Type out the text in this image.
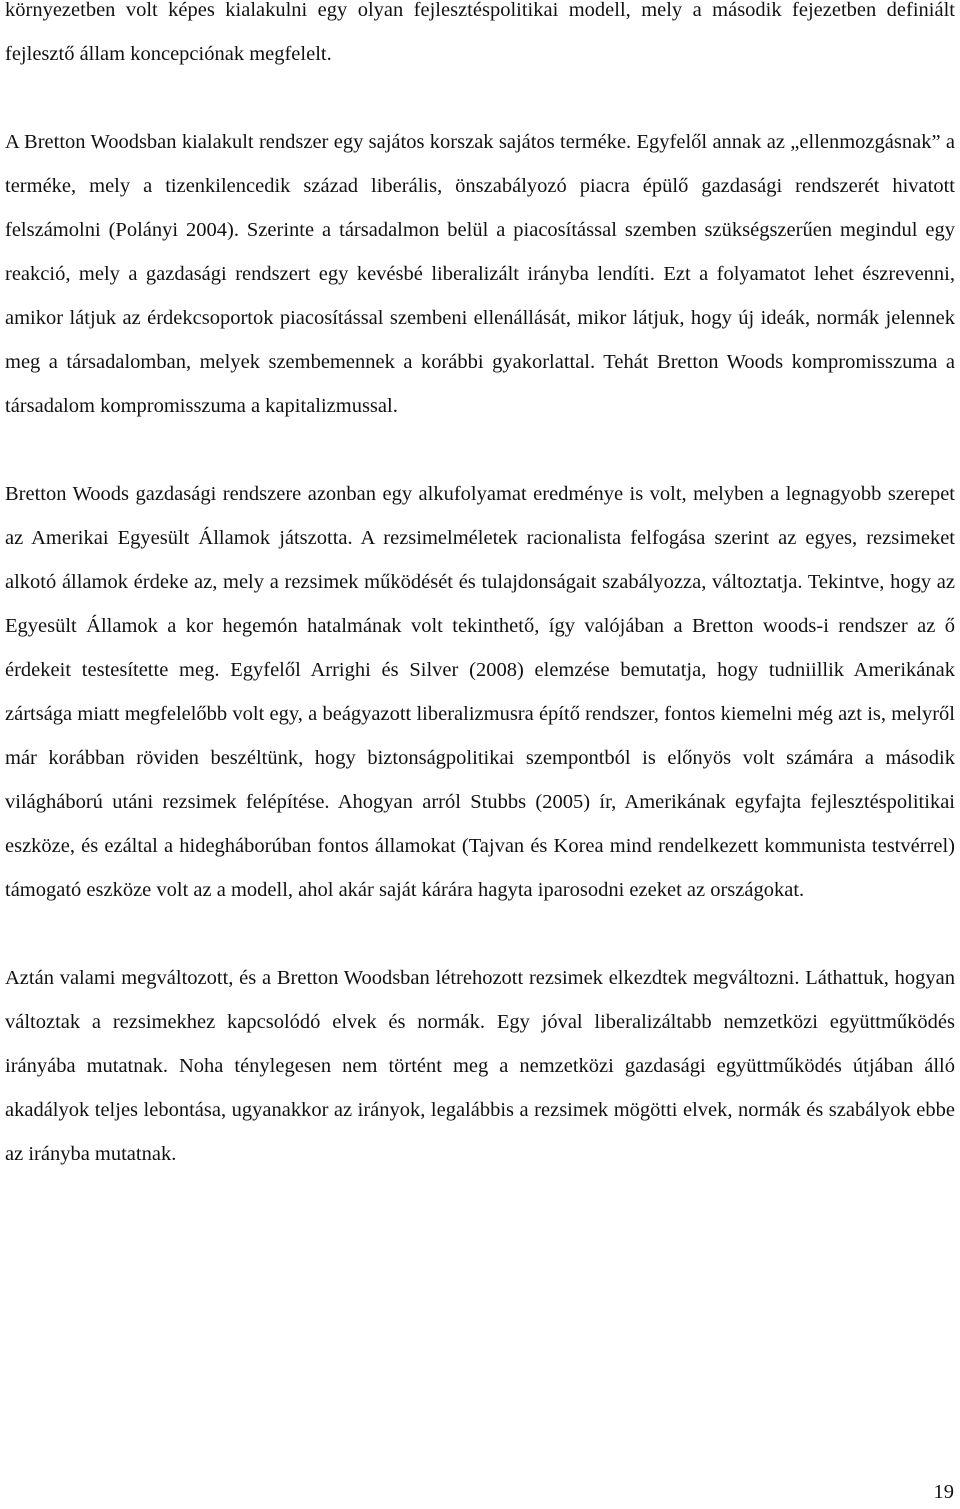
környezetben volt képes kialakulni egy olyan fejlesztéspolitikai modell, mely a második fejezetben definiált fejlesztő állam koncepciónak megfelelt.

A Bretton Woodsban kialakult rendszer egy sajátos korszak sajátos terméke. Egyfelől annak az „ellenmozgásnak” a terméke, mely a tizenkilencedik század liberális, önszabályozó piacra épülő gazdasági rendszerét hivatott felszámolni (Polányi 2004). Szerinte a társadalmon belül a piacosítással szemben szükségszerűen megindul egy reakció, mely a gazdasági rendszert egy kevésbé liberalizált irányba lendíti. Ezt a folyamatot lehet észrevenni, amikor látjuk az érdekcsoportok piacosítással szembeni ellenállását, mikor látjuk, hogy új ideák, normák jelennek meg a társadalomban, melyek szembemennek a korábbi gyakorlattal. Tehát Bretton Woods kompromisszuma a társadalom kompromisszuma a kapitalizmussal.

Bretton Woods gazdasági rendszere azonban egy alkufolyamat eredménye is volt, melyben a legnagyobb szerepet az Amerikai Egyesült Államok játszotta. A rezsimelméletek racionalista felfogása szerint az egyes, rezsimeket alkotó államok érdeke az, mely a rezsimek működését és tulajdonságait szabályozza, változtatja. Tekintve, hogy az Egyesült Államok a kor hegemón hatalmának volt tekinthető, így valójában a Bretton woods-i rendszer az ő érdekeit testesítette meg. Egyfelől Arrighi és Silver (2008) elemzése bemutatja, hogy tudniillik Amerikának zártsága miatt megfelelőbb volt egy, a beágyazott liberalizmusra építő rendszer, fontos kiemelni még azt is, melyről már korábban röviden beszéltünk, hogy biztonságpolitikai szempontból is előnyös volt számára a második világháború utáni rezsimek felépítése. Ahogyan arról Stubbs (2005) ír, Amerikának egyfajta fejlesztéspolitikai eszköze, és ezáltal a hidegháborúban fontos államokat (Tajvan és Korea mind rendelkezett kommunista testvérrel) támogató eszköze volt az a modell, ahol akár saját kárára hagyta iparosodni ezeket az országokat.

Aztán valami megváltozott, és a Bretton Woodsban létrehozott rezsimek elkezdtek megváltozni. Láthattuk, hogyan változtak a rezsimekhez kapcsolódó elvek és normák. Egy jóval liberalizáltabb nemzetközi együttműködés irányába mutatnak. Noha ténylegesen nem történt meg a nemzetközi gazdasági együttműködés útjában álló akadályok teljes lebontása, ugyanakkor az irányok, legalábbis a rezsimek mögötti elvek, normák és szabályok ebbe az irányba mutatnak.

19
